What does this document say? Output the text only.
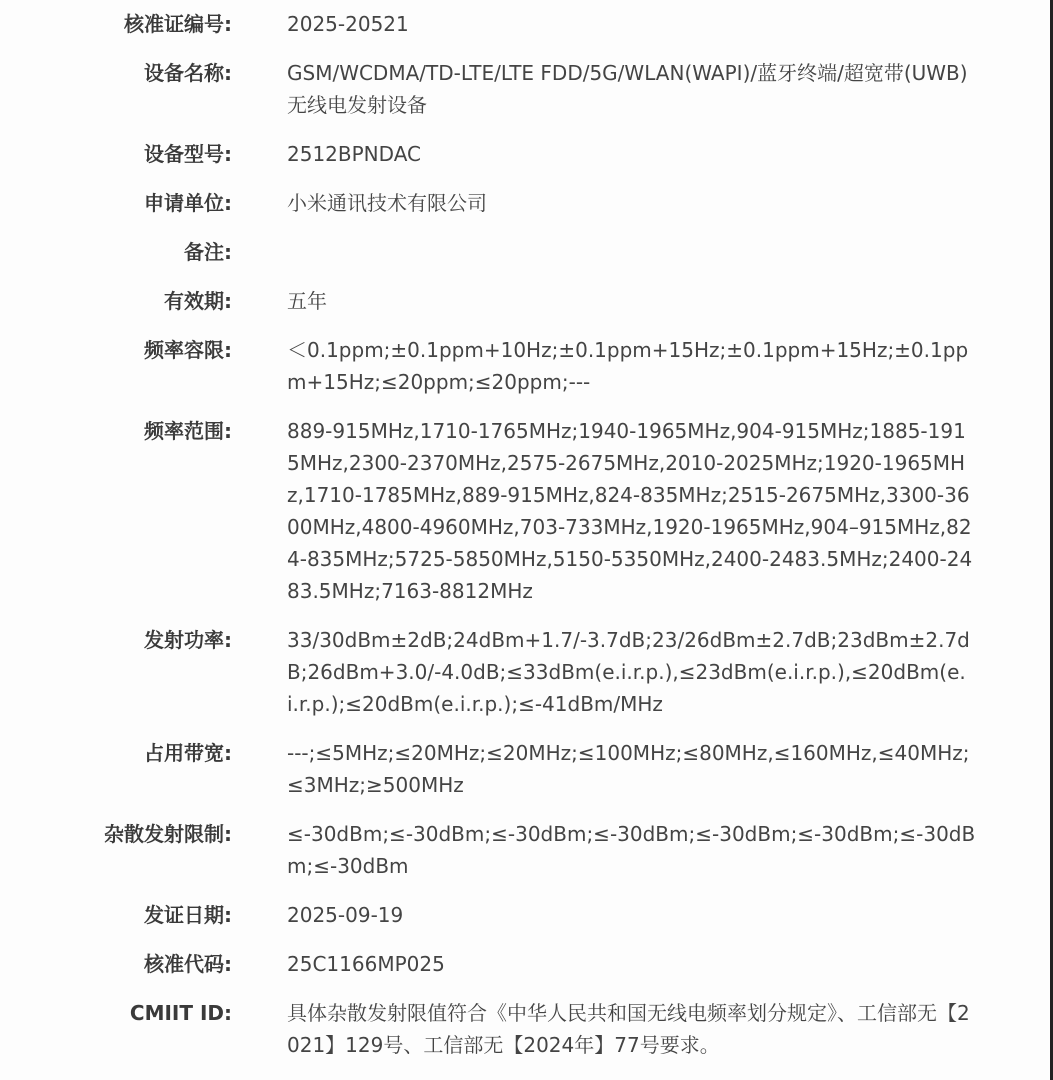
核准证编号:	2025-20521
设备名称:	GSM/WCDMA/TD-LTE/LTE FDD/5G/WLAN(WAPI)/蓝牙终端/超宽带(UWB)无线电发射设备
设备型号:	2512BPNDAC
申请单位:	小米通讯技术有限公司
备注:
有效期:	五年
频率容限:	＜0.1ppm;±0.1ppm+10Hz;±0.1ppm+15Hz;±0.1ppm+15Hz;±0.1ppm+15Hz;≤20ppm;≤20ppm;---
频率范围:	889-915MHz,1710-1765MHz;1940-1965MHz,904-915MHz;1885-1915MHz,2300-2370MHz,2575-2675MHz,2010-2025MHz;1920-1965MHz,1710-1785MHz,889-915MHz,824-835MHz;2515-2675MHz,3300-3600MHz,4800-4960MHz,703-733MHz,1920-1965MHz,904–915MHz,824-835MHz;5725-5850MHz,5150-5350MHz,2400-2483.5MHz;2400-2483.5MHz;7163-8812MHz
发射功率:	33/30dBm±2dB;24dBm+1.7/-3.7dB;23/26dBm±2.7dB;23dBm±2.7dB;26dBm+3.0/-4.0dB;≤33dBm(e.i.r.p.),≤23dBm(e.i.r.p.),≤20dBm(e.i.r.p.);≤20dBm(e.i.r.p.);≤-41dBm/MHz
占用带宽:	---;≤5MHz;≤20MHz;≤20MHz;≤100MHz;≤80MHz,≤160MHz,≤40MHz;≤3MHz;≥500MHz
杂散发射限制:	≤-30dBm;≤-30dBm;≤-30dBm;≤-30dBm;≤-30dBm;≤-30dBm;≤-30dBm;≤-30dBm
发证日期:	2025-09-19
核准代码:	25C1166MP025
CMIIT ID:	具体杂散发射限值符合《中华人民共和国无线电频率划分规定》、工信部无【2021】129号、工信部无【2024年】77号要求。
